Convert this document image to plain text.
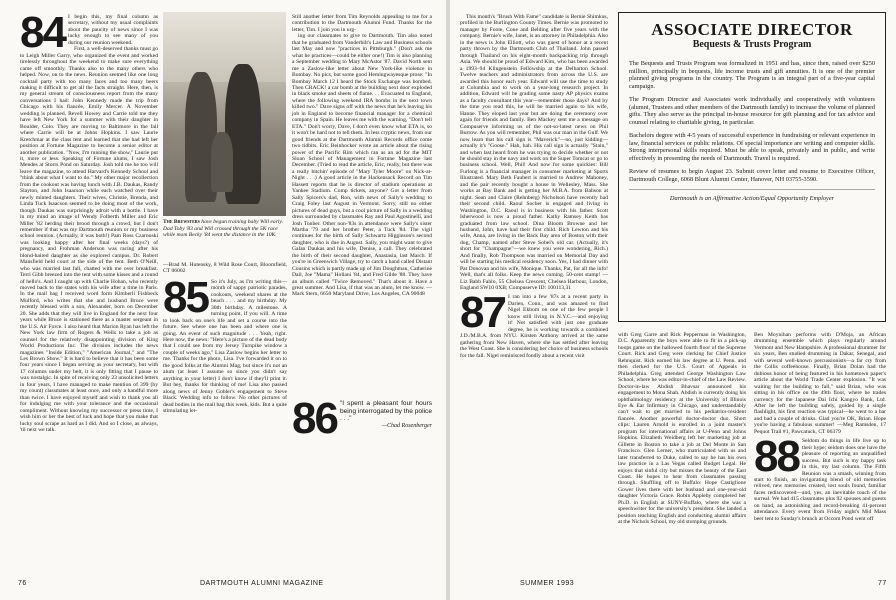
84 I begin this, my final column as secretary, without my usual complaints about the paucity of news since I was lucky enough to see many of you during our reunion weekend.

First, a well-deserved thanks must go to Leigh Miller Garry, who organized the event and worked tirelessly throughout the weekend to make sure everything came off smoothly. Thanks also to the many others who helped. Now, on to the news. Reunion seemed like one long cocktail party with too many faces and too many beers making it difficult to get all the facts straight. Here, then, is my general stream of consciousness report from the many conversations I had: John Kennedy made the trip from Chicago with his fiancée, Emily Mercer. A November wedding is planned. Revell Howey and Carrie told me they have left New York for a summer with their daughter in Boulder, Colo. They are moving to Baltimore in the fall where Carrie will be at Johns Hopkins. I saw Laurie Kretchmar at the class tent and learned that she had left her position at Fortune Magazine to become a senior editor at another publication. "Now, I'm running the show," Laurie put it, more or less. Speaking of Fortune alums, I saw Josh Mendes at Storrs Pond on Saturday. Josh told me he too will leave the magazine, to attend Harvard's Kennedy School and "think about what I want to do." My other major recollection from the cookout was having lunch with J.B. Daukas, Randy Slayton, and John Isaacson while each watched over their newly minted daughters. Their wives, Christie, Brenda, and Linda Tuck Isaacson seemed to be doing most of the work, though Daukas was surprisingly adroit with a bottle. I have in my mind an image of Wendy Folberth Miller and Eric Miller '82 herding their brood through a crowd, but I don't remember if that was my Dartmouth reunion or my business school reunion. (Actually, it was both!) Pam Ross Czarnoski was looking happy after her final weeks (days?) of pregnancy, and Frohman Anderson was racing after his blond-haired daughter as she explored campus. Dr. Robert Mansfield held court at the side of the tent. Beth O'Neill, who was married last fall, chatted with me over breakfast. Terri Gibb breezed into the tent with some kisses and a round of hello's. And I caught up with Charlie Hohan, who recently moved back to the states with his wife after a time in Paris. In the mail bag I received word form Kimberli Fishbeck Mulford, who writes that she and husband Bruce were recently blessed with a son, Alexander, born on December 20. She adds that they will live in England for the next four years while Bruce is stationed there as a master sergeant in the U.S. Air Force. I also heard that Marion Ryan has left the New York law firm of Rogers & Wells to take a job as counsel for the relatively disappointing division of King World Productions Inc. The division includes the news magazines "Inside Edition," "American Journal," and "The Les Brown Show." It is hard to believe that it has been some four years since I began serving as your secretary, but with 17 columns under my belt, it is only fitting that I pause to wax nostalgic. In spite of receiving only 23 unsolicited letters in four years, I have managed to make mention of 399 (by my count) classmates at least once, and only a handful more than twice. I have enjoyed myself and wish to thank you all for indulging me with your tolerance and the occasional compliment. Without knowing my successor or press time, I wish him or her the best of luck and hope that you make that lucky soul scrape as hard as I did. And so I close, as always, 'til next we talk.

The Brewsters have begun training baby Will early. Dad Toby '83 and Will crossed through the 5K race while mom Becky '84 went the distance in the 10K.

Still another letter from Tim Reynolds appealing to me for a contribution to the Dartmouth Alumni Fund. Thanks for the letter, Tim. I join you in urg-

ing our classmates to give to Dartmouth. Tim also noted that he graduated from Vanderbilt's Law and Business schools last May and now "practices in Pittsburgh." (Don't ask me what he practices—could be either one!) Tim is also planning a September wedding to Mary McAstor '87. David North sent me a Zaslow-like letter about New York-like violence in Bombay. No pics, but some good Hemingwayesque prose: "In Bombay March 12 I heard the Stock Exchange was bombed. Then CRACK! a car bomb at the building next door exploded in black smoke and sheets of flame. . . Evacuated to England, where the following weekend IRA bombs in the next town killed two." Dave signs off with the news that he's leaving his job in England to become financial manager for a chemical company in Spain. He leaves me with the warning, "Don't tell ETA." Don't worry, Dave, I don't even know what ETA is, so it won't be hard not to tell them. In less cryptic news, from our good friends at the Dartmouth Alumni Records office come two tidbits. Eric Beinhocker wrote an article about the rising power of the Pacific Rim which ran as an ad for the MIT Sloan School of Management in Fortune Magazine last December. (Tried to read the article, Eric, really, but there was a really bitchin' episode of "Mary Tyler Moore" on Nick-at-Night . . .) A good article in the Hackensack Record on Tim Hassett reports that he is director of stadium operations at Yankee Stadium. Comp tickets, anyone? Got a letter from Sally Spicers's dad, Ron, with news of Sally's wedding to Craig Foley last August in Vermont. Sorry, still no either pictures of dead guys, but a cool picture of Sally in a wedding dress surrounded by classmates Ray and Paul Agostinelli, and Josh Tonber. Other non-'83s in attendance were Sally's sister Martha '79 and her brother Peter, a Tuck '84. The vigil continues for the birth of Sally Schwartz Higginson's second daughter, who is due in August. Sally, you might want to give Galan Daukas and his wife, Denise, a call. They celebrated the birth of their second daughter, Anastasia, last March. If you're in Greenwich Village, try to catch a band called Distant Cousins which is partly made up of Jim Doughman, Catherine Dail, Joe "Mama" Hollani '84, and Fred Gilde '88. They have an album called "Twice Removed." That's about it. Have a great summer. And Lisa, if that was an alum, let me know. —Mark Stern, 6650 Maryland Drive, Los Angeles, CA 90048

—Brad M. Hutensky, 8 Wild Rose Court, Bloomfield, CT 06002

85 So it's July, as I'm writing this—month of sappy patriotic parades, cookouts, weekend shares at the beach . . . and my birthday. My 30th birthday. A milestone. A turning point, if you will. A time to look back on one's life and set a course into the future. See where one has been and where one is going. An event of such magnitude . . . Yeah, right. Here now, the news: "Here's a picture of the dead body that I could see from my Jersey Turnpike window a couple of weeks ago," Lisa Zaslow begins her letter to me. Thanks for the photo, Lisa. I've forwarded it on to the good folks at the Alumni Mag, but since it's not an alum (at least I assume so since you didn't say anything in your letter) I don't know if they'll print it. But hey, thanks for thinking of me! Lisa also passed along news of Jenny Gobler's engagement to Steve Black. Wedding info to follow. No other pictures of dead bodies in the mail bag this week, kids. But a quite stimulating let-	86 "I spent a pleasant four hours being interrogated by the police . . ."

—Chad Rosenberger

76	DARTMOUTH ALUMNI MAGAZINE

This month's "Brush With Fame" candidate is Bernie Shimkus, profiled in the Burlington County Times. Bernie was promoted to manager by Foote, Cone and Belding after five years with the company. Bernie's wife, Janet, is an attorney in Philadelphia. Also in the news is John Elliott, who was guest of honor at a recent party thrown by the Dartmouth Club of Thailand. John passed through Thailand on his eight-month backpacking trip through Asia. We should be proud of Edward Kim, who has been awarded a 1993–94 Klingenstein Fellowship at the Delbarton School. Twelve teachers and administrators from across the U.S. are awarded this honor each year. Edward will use the time to study at Columbia and to work on a year-long research project. In addition, Edward will be grading some nasty AP physics exams as a faculty consultant this year—remember those days? And by the time you read this, he will be married again to his wife, Hanne. They eloped last year but are doing the ceremony over again for friends and family. Ben Mackey sent me a message on Compuserve informing us of the not-so-latest news on Phil Burrow. As you will remember, Phil was our man in the Gulf. We now learn that his call sign is "Maverick"—no, just kidding—actually it's "Goose." Hah, hah. His call sign is actually "Stain," and when last heard from he was trying to decide whether or not he should stay in the navy and work on the Super Tomcat or go to business school. Well, Phil! And now for some quickies: Bill Furlong is a financial manager in consumer marketing at Sports Illustrated. Mary Beth Faubert is married to Andrew Mahoney, and the pair recently bought a house in Wellesley, Mass. She works at Bay Bank and is getting her M.B.A. from Babson at night. Sean and Claire (Rehnberg) Nicholson have recently had their second child. Raoul Socher is engaged and living in Washington, D.C. Raoul is in business with his father. Scott Isherwood is now a proud father. Kathy Ramsey Keith has graduated from law school. Dina Bloom Browne and her husband, John, have had their first child. Rich Lewton and his wife, Anna, are living in the Back Bay area of Boston with their dog, Champ, named after Steve Sobel's old car. (Actually, it's short for "Champagne"—we knew you were wondering, Rich.) And finally, Rob Thompson was married on Memorial Day and will be starting his medical residency soon. Yes, I had dinner with Pat Donovan and his wife, Monique. Thanks, Pat, for all the info! Well, that's all folks. Keep the news coming. 50-cent stamp! —Liz Babb Fahlo, 55 Chelsea Crescent, Chelsea Harbour, London, England SW10 0XB; Compuserve ID: 100113,31

87 I ran into a few '87s at a recent party in Darien, Conn., and was amazed to find Nigel Ekbom on one of the few people I know still living in N.Y.C.—and enjoying it! Not satisfied with just one graduate degree, he is working towards a combined J.D./M.B.A. from NYU. Kirsten Anthony arrived at the same gathering from New Haven, where she has settled after leaving the West Coast. She is considering her choice of business schools for the fall. Nigel reminisced fondly about a recent visit

ASSOCIATE DIRECTOR
Bequests & Trusts Program

The Bequests and Trusts Program was formalized in 1951 and has, since then, raised over $250 million, principally in bequests, life income trusts and gift annuities. It is one of the premier planned giving programs in the country. The Program is an integral part of a five-year capital campaign.

The Program Director and Associates work individually and cooperatively with volunteers (alumni, Trustees and other members of the Dartmouth family) to increase the volume of planned gifts. They also serve as the principal in-house resource for gift planning and for tax advice and counsel relating to charitable giving, in particular.

Bachelors degree with 4-5 years of successful experience in fundraising or relevant experience in law, financial services or public relations. Of special importance are writing and computer skills. Strong interpersonal skills required. Must be able to speak, privately and in public, and write effectively in presenting the needs of Dartmouth. Travel is required.

Review of resumes to begin August 23. Submit cover letter and resume to Executive Officer, Dartmouth College, 6068 Blunt Alumni Center, Hanover, NH 03755-3590.

Dartmouth is an Affirmative Action/Equal Opportunity Employer

with Greg Garre and Rick Pepperman in Washington, D.C. Apparently the boys were able to fit in a pick-up hoops game on the hallowed fourth floor of the Supreme Court. Rick and Greg were clerking for Chief Justice Rehnquist. Rick earned his law degree at U. Penn. and then clerked for the U.S. Court of Appeals in Philadelphia. Greg attended George Washington Law School, where he was editor-in-chief of the Law Review. Doctor-in-law Abdish Bhavsar announced his engagement to Mona Shah. Abdish is currently doing his ophthalmology residency at the University of Illinois Eye & Ear Infirmary in Chicago, and understandably can't wait to get married to his pediatrics-resident fiancée. Another powerful doctor-doctor duo. Short clips: Lauren Arnold is enrolled in a joint master's program for international affairs at U-Penn and Johns Hopkins. Elizabeth Weidberg left her marketing job at Gillette in Boston to take a job at Del Monte in San Francisco. Glen Lerner, who matriculated with us and later transferred to Duke, called to say he has his own law practice in a Las Vegas called Budget Legal. He enjoys that sinful city but misses the beauty of the East Coast. He hopes to hear from classmates passing through. Shuffling off to Buffalo: Hope Castiglione Gower lives there with her husband and one-year-old daughter Victoria Grace. Robin Appleby completed her Ph.D. in English at SUNY-Buffalo, where she was a speechwriter for the university's president. She landed a position teaching English and conducting alumni affairs at the Nichols School, my old stomping grounds.

Ben Moynihan performs with D'Moja, an African drumming ensemble which plays regularly around Vermont and New Hampshire. A professional drummer for six years, Ben studied drumming in Dakar, Senegal, and with several well-known percussionists—a far cry from the Collis coffeehouse. Finally, Brian Dolan had the dubious honor of being featured in his hometown paper's article about the World Trade Center explosion. "It was waiting for the building to fall," said Brian, who was sitting in his office on the 49th floor, where he trades currency for the Japanese Dai Ichi Kangyo Bank, Ltd. After he left the building safely, guided by a single flashlight, his first reaction was typical—he went to a bar and had a couple of drinks. Glad you're OK, Brian. Hope you're having a fabulous summer! —Meg Ramsden, 17 Pequot Trail #1, Pawcatuck, CT 06379

88 Seldom do things in life live up to their hype; seldom does one have the pleasure of reporting an unqualified success. But such is my happy task in this, my last column. The Fifth Reunion was a smash, winning from start to finish, an invigorating blend of old memories relived, new memories created, lost souls found, familiar faces rediscovered—and, yes, an inevitable touch of the surreal. We had 415 classmates plus 92 spouses and guests on hand, an astonishing and record-breaking 41-percent attendance. Every event from Friday night's Mid Mass beer tent to Sunday's brunch at Occom Pond went off

SUMMER 1993	77
